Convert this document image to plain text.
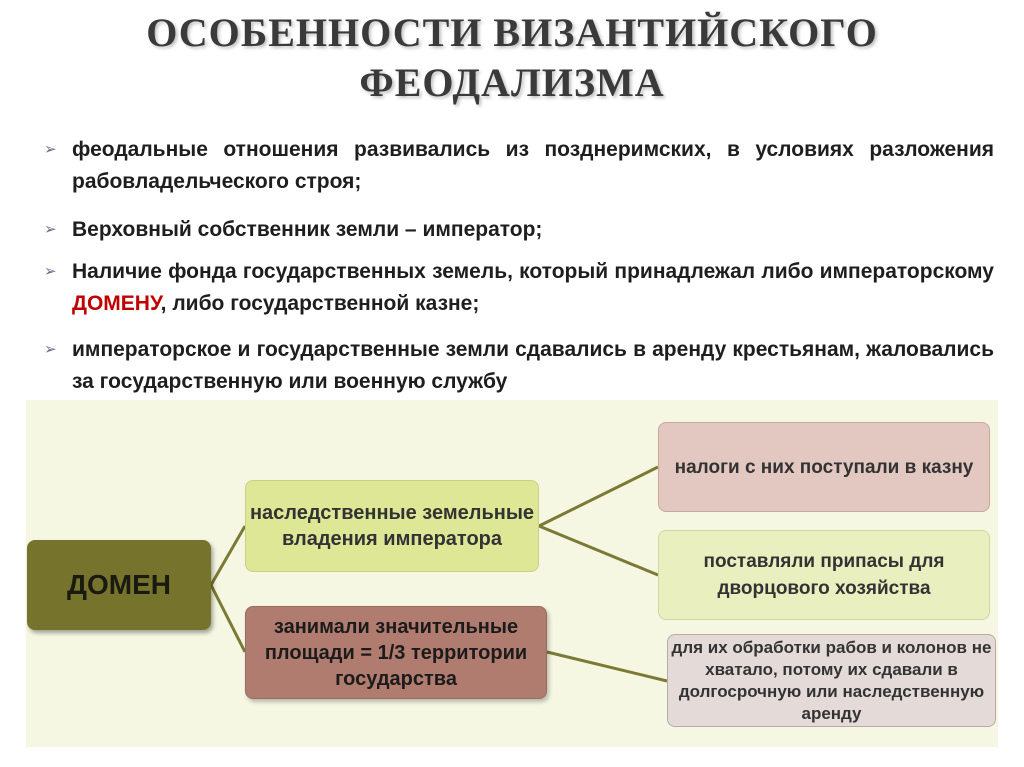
ОСОБЕННОСТИ ВИЗАНТИЙСКОГО
ФЕОДАЛИЗМА
➢ феодальные отношения развивались из позднеримских, в условиях разложения рабовладельческого строя;
➢ Верховный собственник земли – император;
➢ Наличие фонда государственных земель, который принадлежал либо императорскому ДОМЕНУ, либо государственной казне;
➢ императорское и государственные земли сдавались в аренду крестьянам, жаловались за государственную или военную службу
ДОМЕН
наследственные земельные владения императора
занимали значительные площади = 1/3 территории государства
налоги с них поступали в казну
поставляли припасы для дворцового хозяйства
для их обработки рабов и колонов не хватало, потому их сдавали в долгосрочную или наследственную аренду
